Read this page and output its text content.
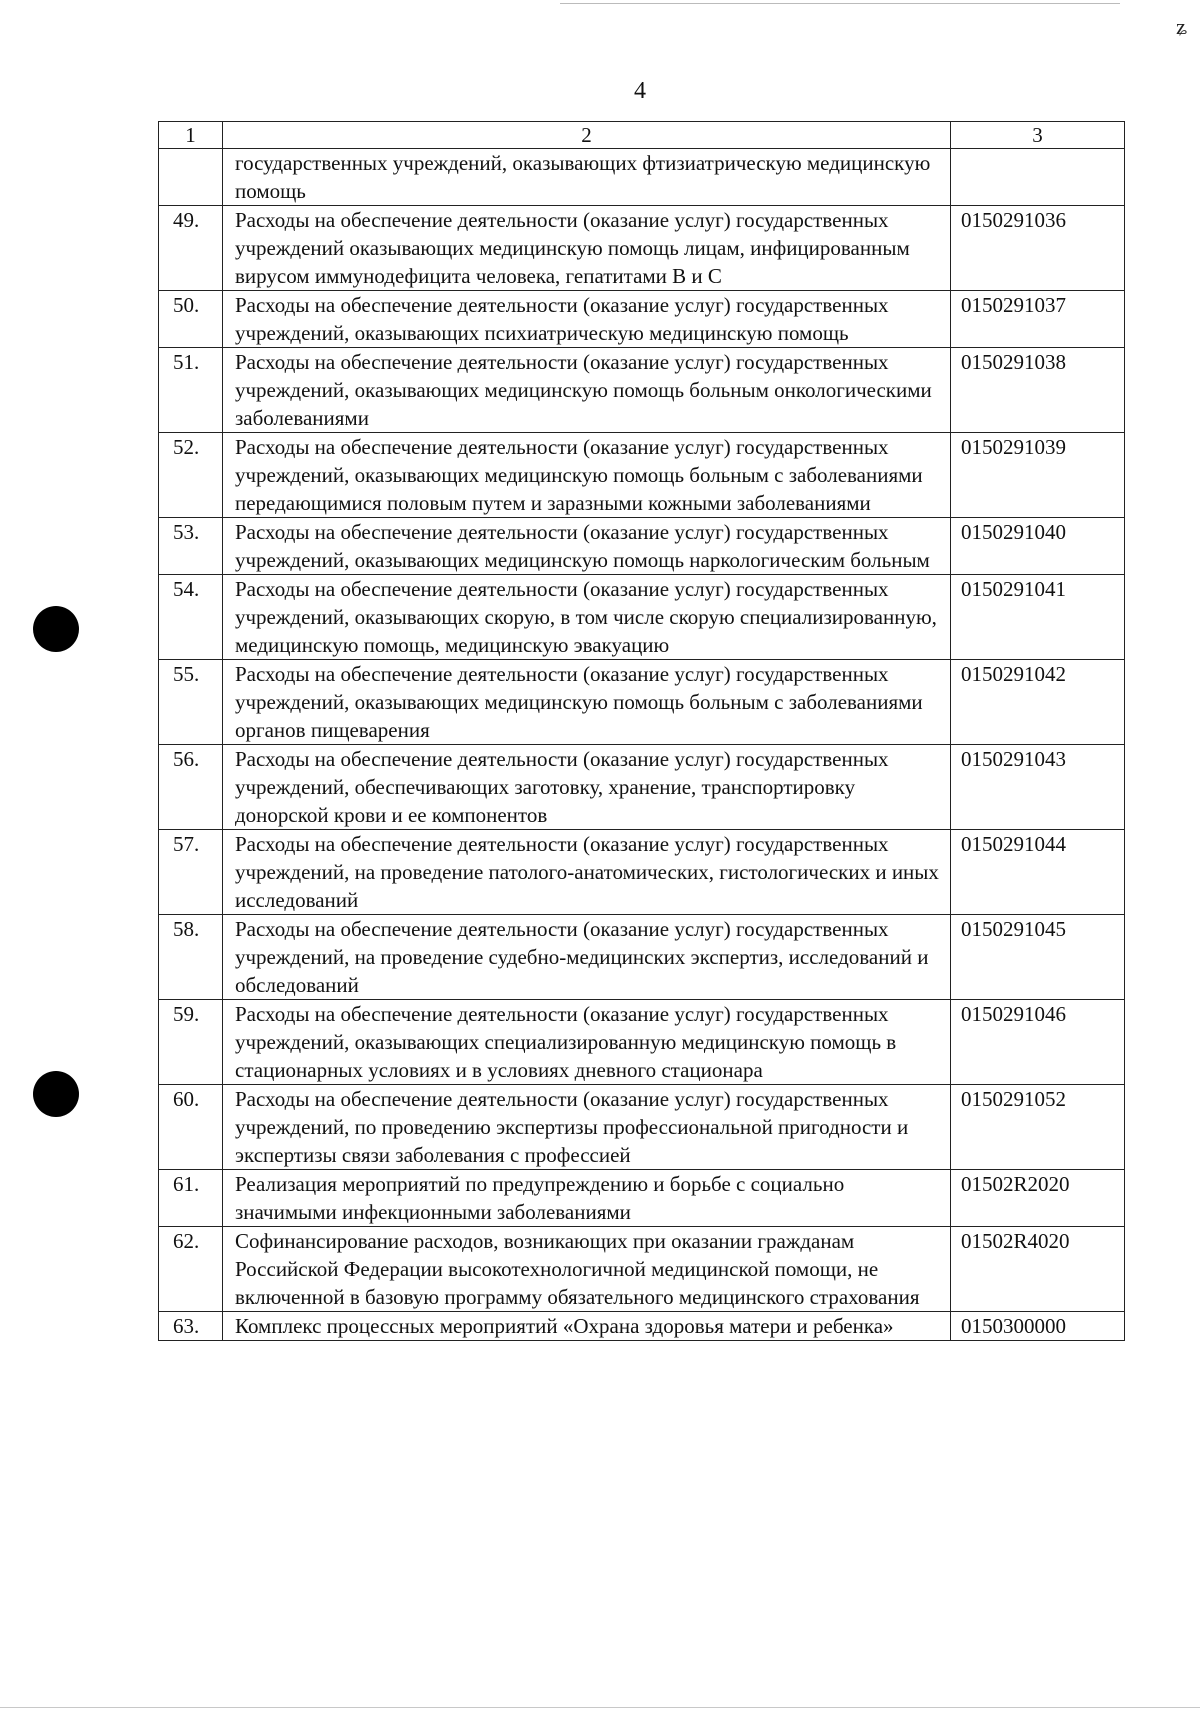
ʑ
4
1	2	3
	государственных учреждений, оказывающих фтизиатрическую медицинскую помощь	
49.	Расходы на обеспечение деятельности (оказание услуг) государственных учреждений оказывающих медицинскую помощь лицам, инфицированным вирусом иммунодефицита человека, гепатитами B и C	0150291036
50.	Расходы на обеспечение деятельности (оказание услуг) государственных учреждений, оказывающих психиатрическую медицинскую помощь	0150291037
51.	Расходы на обеспечение деятельности (оказание услуг) государственных учреждений, оказывающих медицинскую помощь больным онкологическими заболеваниями	0150291038
52.	Расходы на обеспечение деятельности (оказание услуг) государственных учреждений, оказывающих медицинскую помощь больным с заболеваниями передающимися половым путем и заразными кожными заболеваниями	0150291039
53.	Расходы на обеспечение деятельности (оказание услуг) государственных учреждений, оказывающих медицинскую помощь наркологическим больным	0150291040
54.	Расходы на обеспечение деятельности (оказание услуг) государственных учреждений, оказывающих скорую, в том числе скорую специализированную, медицинскую помощь, медицинскую эвакуацию	0150291041
55.	Расходы на обеспечение деятельности (оказание услуг) государственных учреждений, оказывающих медицинскую помощь больным с заболеваниями органов пищеварения	0150291042
56.	Расходы на обеспечение деятельности (оказание услуг) государственных учреждений, обеспечивающих заготовку, хранение, транспортировку донорской крови и ее компонентов	0150291043
57.	Расходы на обеспечение деятельности (оказание услуг) государственных учреждений, на проведение патолого-анатомических, гистологических и иных исследований	0150291044
58.	Расходы на обеспечение деятельности (оказание услуг) государственных учреждений, на проведение судебно-медицинских экспертиз, исследований и обследований	0150291045
59.	Расходы на обеспечение деятельности (оказание услуг) государственных учреждений, оказывающих специализированную медицинскую помощь в стационарных условиях и в условиях дневного стационара	0150291046
60.	Расходы на обеспечение деятельности (оказание услуг) государственных учреждений, по проведению экспертизы профессиональной пригодности и экспертизы связи заболевания с профессией	0150291052
61.	Реализация мероприятий по предупреждению и борьбе с социально значимыми инфекционными заболеваниями	01502R2020
62.	Софинансирование расходов, возникающих при оказании гражданам Российской Федерации высокотехнологичной медицинской помощи, не включенной в базовую программу обязательного медицинского страхования	01502R4020
63.	Комплекс процессных мероприятий «Охрана здоровья матери и ребенка»	0150300000
